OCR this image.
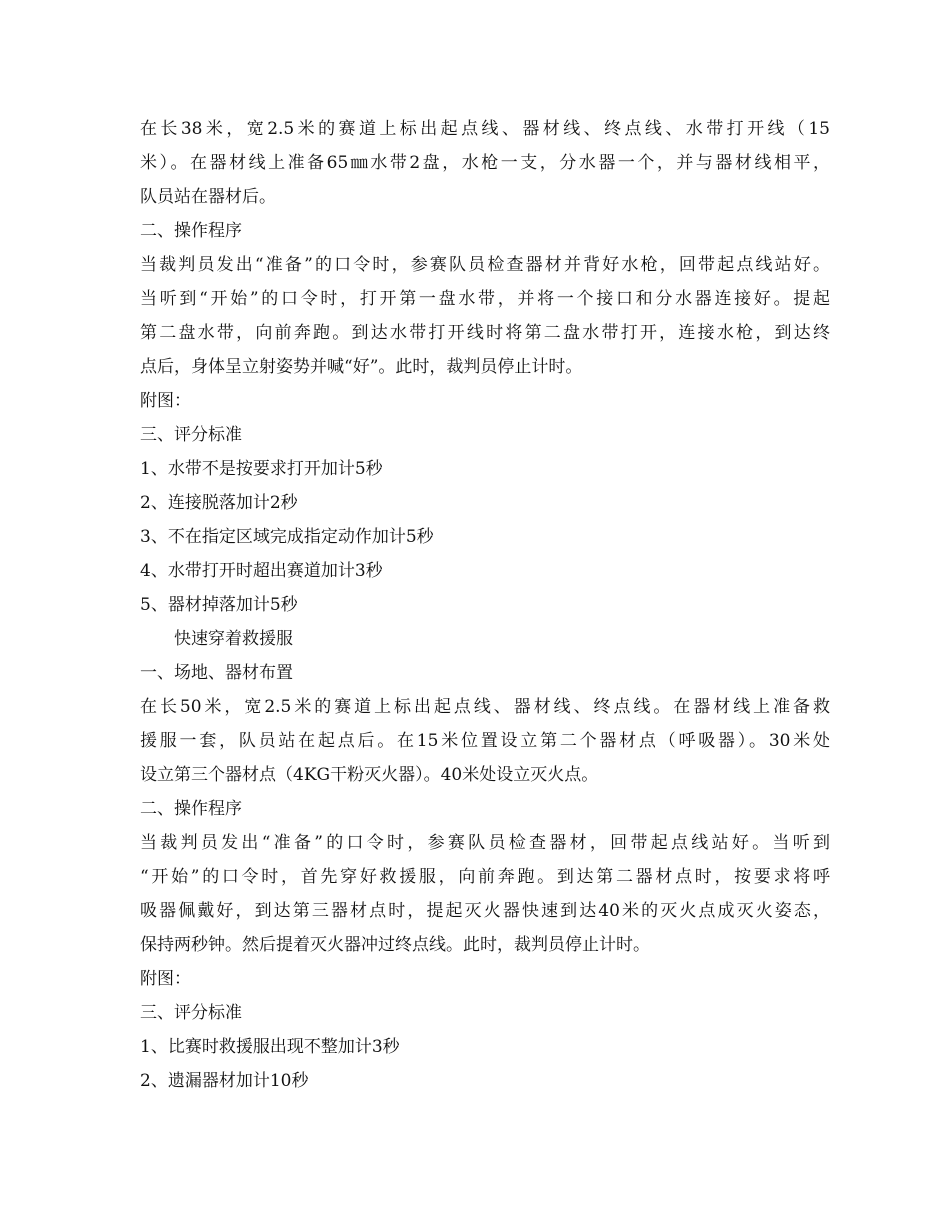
在长38米，宽2.5米的赛道上标出起点线、器材线、终点线、水带打开线（15
米）。在器材线上准备65㎜水带2盘，水枪一支，分水器一个，并与器材线相平，
队员站在器材后。
二、操作程序
当裁判员发出“准备”的口令时，参赛队员检查器材并背好水枪，回带起点线站好。
当听到“开始”的口令时，打开第一盘水带，并将一个接口和分水器连接好。提起
第二盘水带，向前奔跑。到达水带打开线时将第二盘水带打开，连接水枪，到达终
点后，身体呈立射姿势并喊“好”。此时，裁判员停止计时。
附图：
三、评分标准
1、水带不是按要求打开加计5秒
2、连接脱落加计2秒
3、不在指定区域完成指定动作加计5秒
4、水带打开时超出赛道加计3秒
5、器材掉落加计5秒
快速穿着救援服
一、场地、器材布置
在长50米，宽2.5米的赛道上标出起点线、器材线、终点线。在器材线上准备救
援服一套，队员站在起点后。在15米位置设立第二个器材点（呼吸器）。30米处
设立第三个器材点（4KG干粉灭火器）。40米处设立灭火点。
二、操作程序
当裁判员发出“准备”的口令时，参赛队员检查器材，回带起点线站好。当听到
“开始”的口令时，首先穿好救援服，向前奔跑。到达第二器材点时，按要求将呼
吸器佩戴好，到达第三器材点时，提起灭火器快速到达40米的灭火点成灭火姿态，
保持两秒钟。然后提着灭火器冲过终点线。此时，裁判员停止计时。
附图：
三、评分标准
1、比赛时救援服出现不整加计3秒
2、遗漏器材加计10秒
